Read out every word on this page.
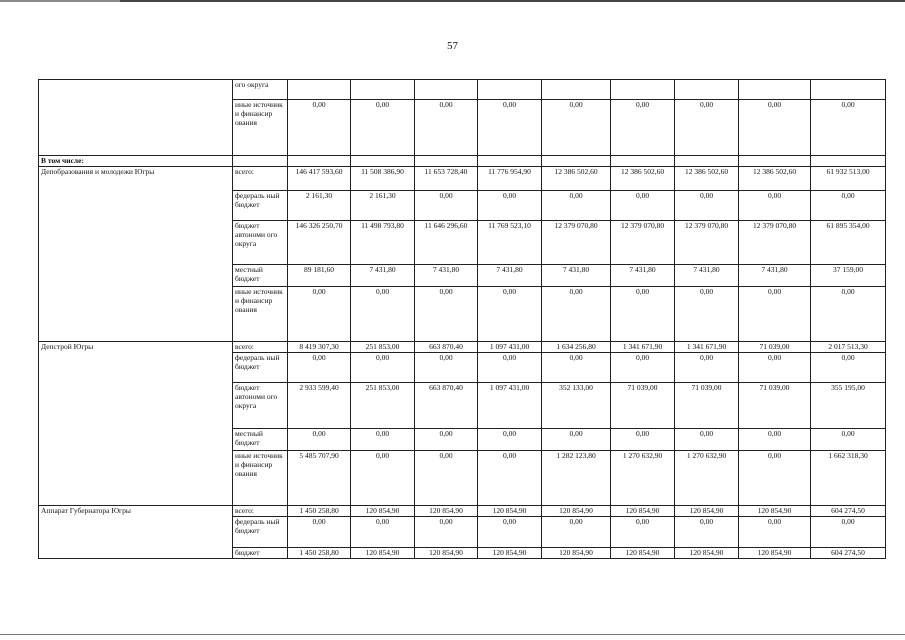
57
	ого округа									
	иные источник и финансир ования	0,00	0,00	0,00	0,00	0,00	0,00	0,00	0,00	0,00
В том числе:										
Депобразования и молодежи Югры	всего:	146 417 593,60	11 508 386,90	11 653 728,40	11 776 954,90	12 386 502,60	12 386 502,60	12 386 502,60	12 386 502,60	61 932 513,00
	федераль ный бюджет	2 161,30	2 161,30	0,00	0,00	0,00	0,00	0,00	0,00	0,00
	бюджет автономи ого округа	146 326 250,70	11 498 793,80	11 646 296,60	11 769 523,10	12 379 070,80	12 379 070,80	12 379 070,80	12 379 070,80	61 895 354,00
	местный бюджет	89 181,60	7 431,80	7 431,80	7 431,80	7 431,80	7 431,80	7 431,80	7 431,80	37 159,00
	иные источник и финансир ования	0,00	0,00	0,00	0,00	0,00	0,00	0,00	0,00	0,00
Депстрой Югры	всего:	8 419 307,30	251 853,00	663 870,40	1 097 431,00	1 634 256,80	1 341 671,90	1 341 671,90	71 039,00	2 017 513,30
	федераль ный бюджет	0,00	0,00	0,00	0,00	0,00	0,00	0,00	0,00	0,00
	бюджет автономи ого округа	2 933 599,40	251 853,00	663 870,40	1 097 431,00	352 133,00	71 039,00	71 039,00	71 039,00	355 195,00
	местный бюджет	0,00	0,00	0,00	0,00	0,00	0,00	0,00	0,00	0,00
	иные источник и финансир ования	5 485 707,90	0,00	0,00	0,00	1 282 123,80	1 270 632,90	1 270 632,90	0,00	1 662 318,30
Аппарат Губернатора Югры	всего:	1 450 258,80	120 854,90	120 854,90	120 854,90	120 854,90	120 854,90	120 854,90	120 854,90	604 274,50
	федераль ный бюджет	0,00	0,00	0,00	0,00	0,00	0,00	0,00	0,00	0,00
	бюджет	1 450 258,80	120 854,90	120 854,90	120 854,90	120 854,90	120 854,90	120 854,90	120 854,90	604 274,50
